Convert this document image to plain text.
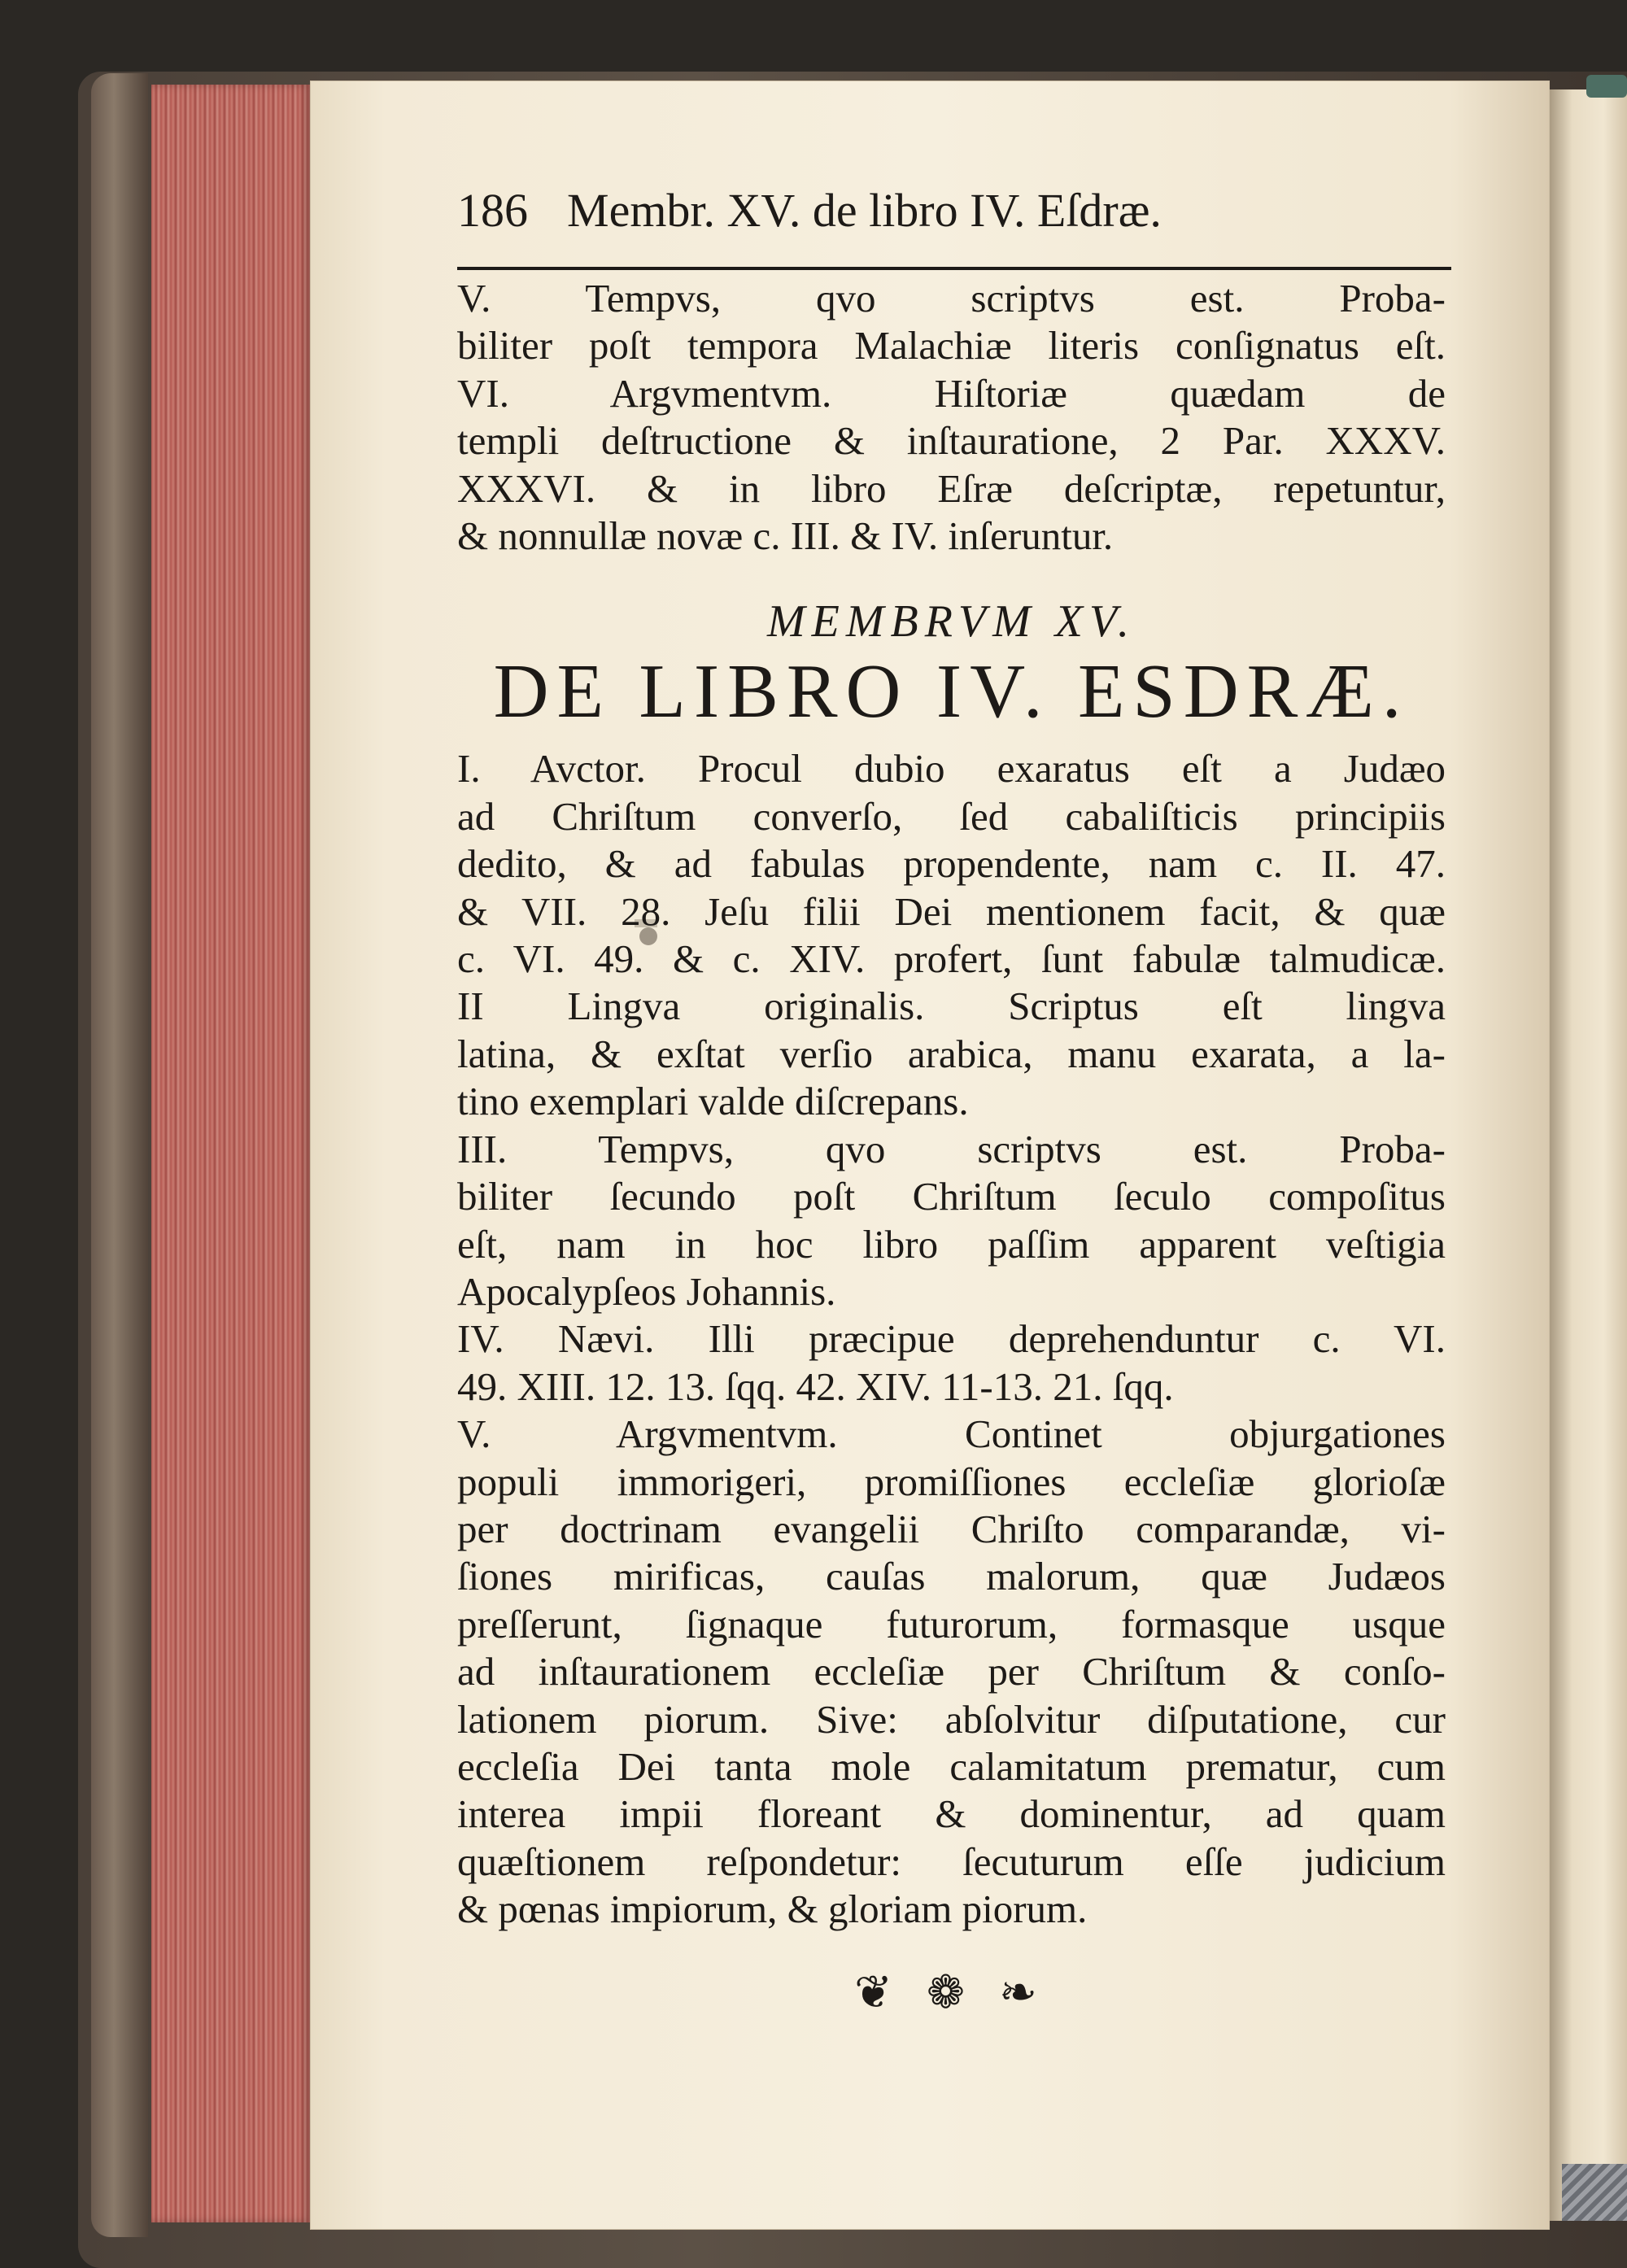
186 Membr. XV. de libro IV. Eſdræ.
V. Tempvs, qvo scriptvs est. Proba-
biliter poſt tempora Malachiæ literis conſignatus eſt.
VI. Argvmentvm. Hiſtoriæ quædam de
templi deſtructione & inſtauratione, 2 Par. XXXV.
XXXVI. & in libro Eſræ deſcriptæ, repetuntur,
& nonnullæ novæ c. III. & IV. inſeruntur.
MEMBRVM XV.
DE LIBRO IV. ESDRÆ.
I. Avctor. Procul dubio exaratus eſt a Judæo
ad Chriſtum converſo, ſed cabaliſticis principiis
dedito, & ad fabulas propendente, nam c. II. 47.
& VII. 28. Jeſu filii Dei mentionem facit, & quæ
c. VI. 49. & c. XIV. profert, ſunt fabulæ talmudicæ.
II Lingva originalis. Scriptus eſt lingva
latina, & exſtat verſio arabica, manu exarata, a la-
tino exemplari valde diſcrepans.
III. Tempvs, qvo scriptvs est. Proba-
biliter ſecundo poſt Chriſtum ſeculo compoſitus
eſt, nam in hoc libro paſſim apparent veſtigia
Apocalypſeos Johannis.
IV. Nævi. Illi præcipue deprehenduntur c. VI.
49. XIII. 12. 13. ſqq. 42. XIV. 11-13. 21. ſqq.
V. Argvmentvm. Continet objurgationes
populi immorigeri, promiſſiones eccleſiæ glorioſæ
per doctrinam evangelii Chriſto comparandæ, vi-
ſiones mirificas, cauſas malorum, quæ Judæos
preſſerunt, ſignaque futurorum, formasque usque
ad inſtaurationem eccleſiæ per Chriſtum & conſo-
lationem piorum. Sive: abſolvitur diſputatione, cur
eccleſia Dei tanta mole calamitatum prematur, cum
interea impii floreant & dominentur, ad quam
quæſtionem reſpondetur: ſecuturum eſſe judicium
& pœnas impiorum, & gloriam piorum.
❦ ❁ ❧
